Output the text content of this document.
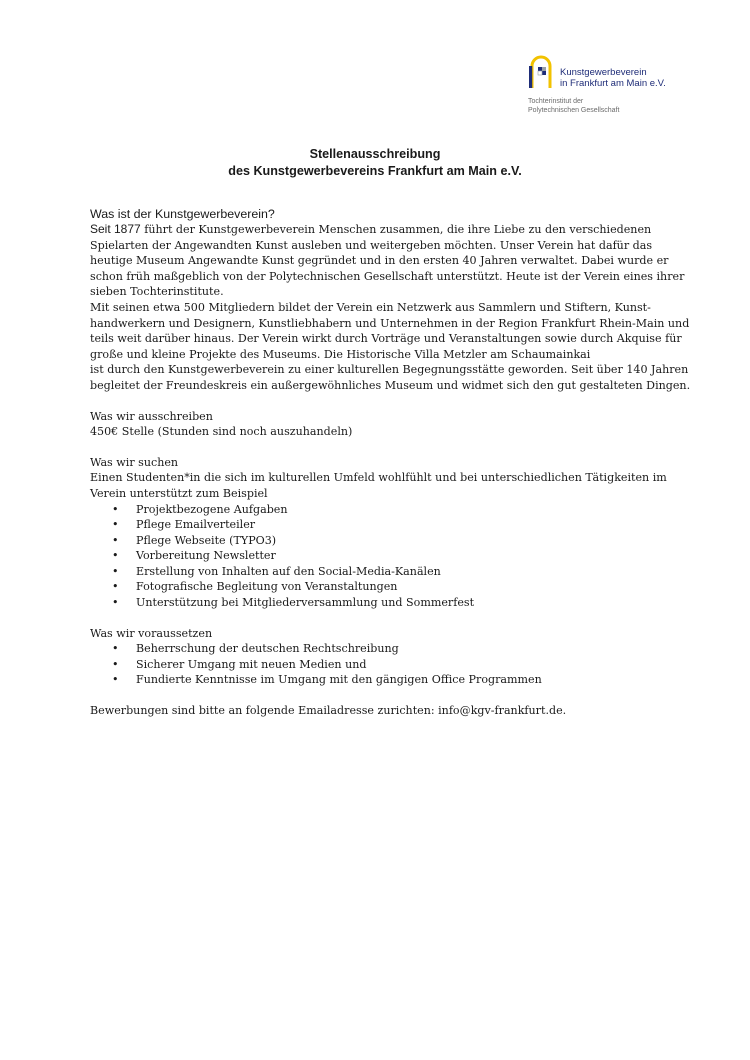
Kunstgewerbeverein
in Frankfurt am Main e.V.
Tochterinstitut der
Polytechnischen Gesellschaft
Stellenausschreibung
des Kunstgewerbevereins Frankfurt am Main e.V.
Was ist der Kunstgewerbeverein?
Seit 1877 führt der Kunstgewerbeverein Menschen zusammen, die ihre Liebe zu den verschiedenen
Spielarten der Angewandten Kunst ausleben und weitergeben möchten. Unser Verein hat dafür das
heutige Museum Angewandte Kunst gegründet und in den ersten 40 Jahren verwaltet. Dabei wurde er
schon früh maßgeblich von der Polytechnischen Gesellschaft unterstützt. Heute ist der Verein eines ihrer
sieben Tochterinstitute.
Mit seinen etwa 500 Mitgliedern bildet der Verein ein Netzwerk aus Sammlern und Stiftern, Kunst-
handwerkern und Designern, Kunstliebhabern und Unternehmen in der Region Frankfurt Rhein-Main und
teils weit darüber hinaus. Der Verein wirkt durch Vorträge und Veranstaltungen sowie durch Akquise für
große und kleine Projekte des Museums. Die Historische Villa Metzler am Schaumainkai
ist durch den Kunstgewerbeverein zu einer kulturellen Begegnungsstätte geworden. Seit über 140 Jahren
begleitet der Freundeskreis ein außergewöhnliches Museum und widmet sich den gut gestalteten Dingen.
Was wir ausschreiben
450€ Stelle (Stunden sind noch auszuhandeln)
Was wir suchen
Einen Studenten*in die sich im kulturellen Umfeld wohlfühlt und bei unterschiedlichen Tätigkeiten im
Verein unterstützt zum Beispiel
• Projektbezogene Aufgaben
• Pflege Emailverteiler
• Pflege Webseite (TYPO3)
• Vorbereitung Newsletter
• Erstellung von Inhalten auf den Social-Media-Kanälen
• Fotografische Begleitung von Veranstaltungen
• Unterstützung bei Mitgliederversammlung und Sommerfest
Was wir voraussetzen
• Beherrschung der deutschen Rechtschreibung
• Sicherer Umgang mit neuen Medien und
• Fundierte Kenntnisse im Umgang mit den gängigen Office Programmen
Bewerbungen sind bitte an folgende Emailadresse zurichten: info@kgv-frankfurt.de.
